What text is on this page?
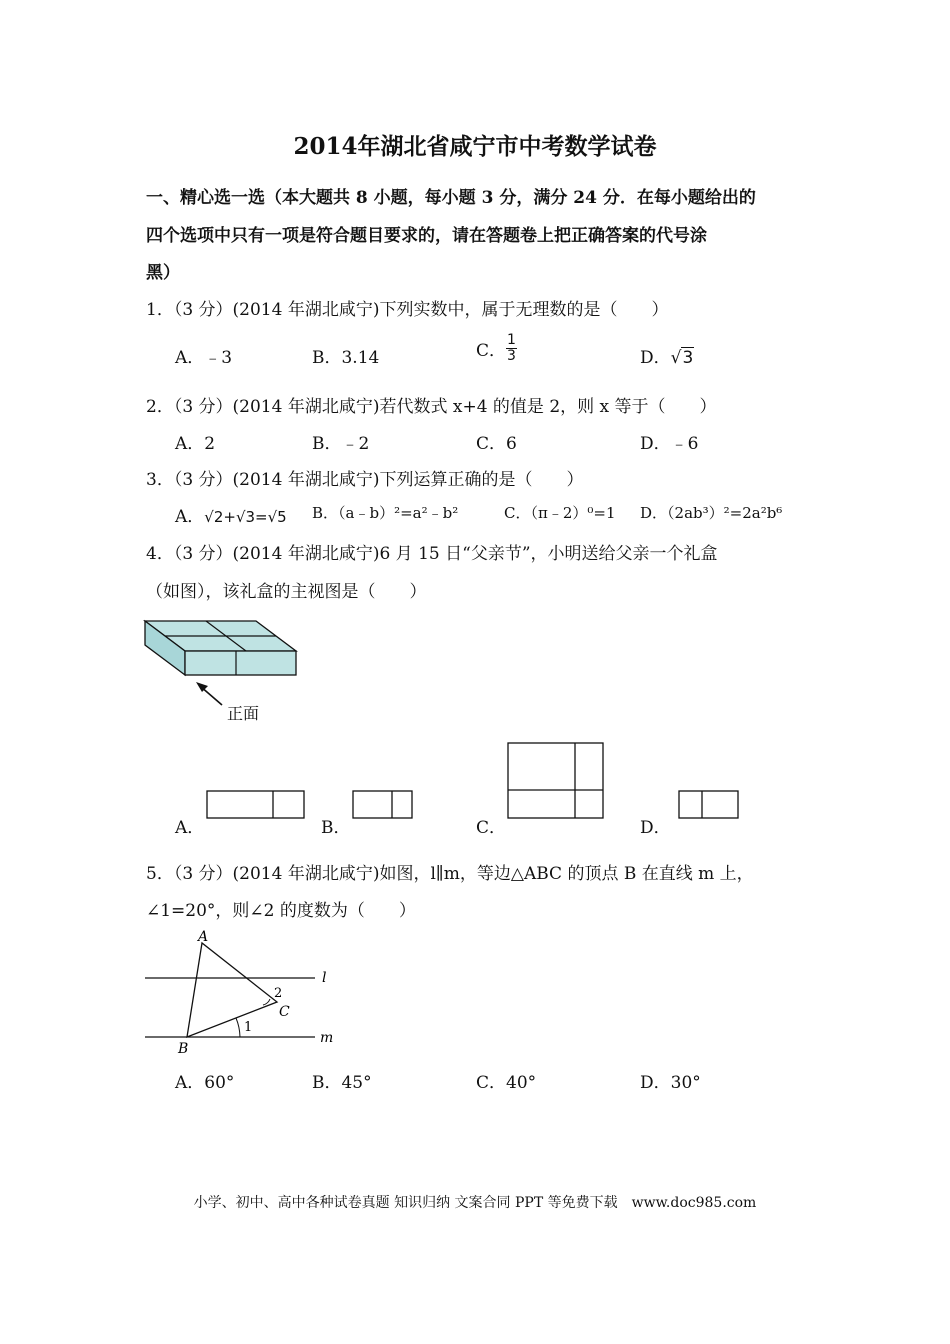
2014年湖北省咸宁市中考数学试卷
一、精心选一选（本大题共 8 小题，每小题 3 分，满分 24 分．在每小题给出的
四个选项中只有一项是符合题目要求的，请在答题卷上把正确答案的代号涂
黑）
1．（3 分）(2014 年湖北咸宁)下列实数中，属于无理数的是（　　）
A．﹣3	B．3.14	C． $\frac{1}{3}$	D．√3
2．（3 分）(2014 年湖北咸宁)若代数式 x+4 的值是 2，则 x 等于（　　）
A．2	B．﹣2	C．6	D．﹣6
3．（3 分）(2014 年湖北咸宁)下列运算正确的是（　　）
A．√2+√3=√5 B．（a﹣b）²=a²﹣b²	C．（π﹣2）⁰=1 D．（2ab³）²=2a²b⁶
4．（3 分）(2014 年湖北咸宁)6 月 15 日“父亲节”，小明送给父亲一个礼盒
（如图），该礼盒的主视图是（　　）
正面
A．	B．	C．	D．
5．（3 分）(2014 年湖北咸宁)如图，l∥m，等边△ABC 的顶点 B 在直线 m 上，
∠1=20°，则∠2 的度数为（　　）
A
B
C
l
m
1
2
A．60°	B．45°	C．40°	D．30°
小学、初中、高中各种试卷真题 知识归纳 文案合同 PPT 等免费下载　www.doc985.com
